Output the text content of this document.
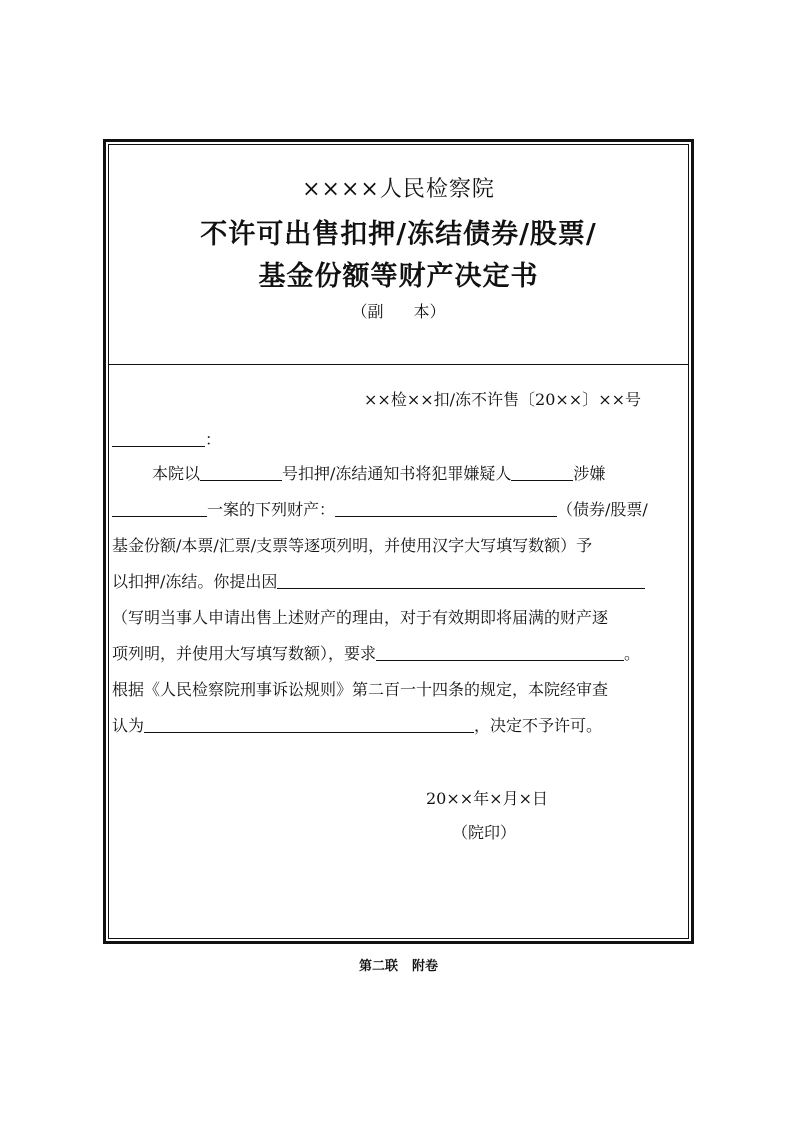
××××人民检察院
不许可出售扣押/冻结债券/股票/
基金份额等财产决定书
（副 本）
××检××扣/冻不许售〔20××〕××号
：
本院以	号扣押/冻结通知书将犯罪嫌疑人	涉嫌
一案的下列财产：	（债券/股票/
基金份额/本票/汇票/支票等逐项列明，并使用汉字大写填写数额）予
以扣押/冻结。你提出因
（写明当事人申请出售上述财产的理由，对于有效期即将届满的财产逐
项列明，并使用大写填写数额），要求	。
根据《人民检察院刑事诉讼规则》第二百一十四条的规定，本院经审查
认为	，决定不予许可。
20××年×月×日
（院印）
第二联 附卷
